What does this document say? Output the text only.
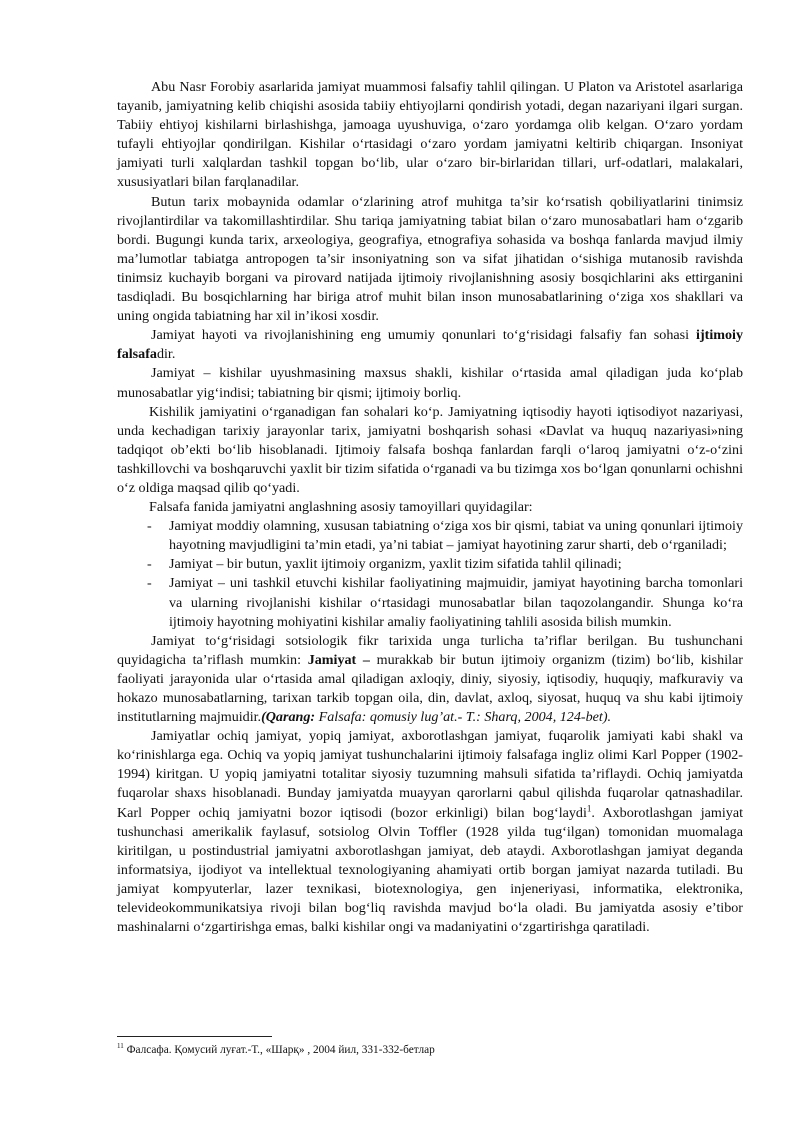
Abu Nasr Forobiy asarlarida jamiyat muammosi falsafiy tahlil qilingan. U Platon va Aristotel asarlariga tayanib, jamiyatning kelib chiqishi asosida tabiiy ehtiyojlarni qondirish yotadi, degan nazariyani ilgari surgan. Tabiiy ehtiyoj kishilarni birlashishga, jamoaga uyushuviga, o‘zaro yordamga olib kelgan. O‘zaro yordam tufayli ehtiyojlar qondirilgan. Kishilar o‘rtasidagi o‘zaro yordam jamiyatni keltirib chiqargan. Insoniyat jamiyati turli xalqlardan tashkil topgan bo‘lib, ular o‘zaro bir-birlaridan tillari, urf-odatlari, malakalari, xususiyatlari bilan farqlanadilar.

Butun tarix mobaynida odamlar o‘zlarining atrof muhitga ta’sir ko‘rsatish qobiliyatlarini tinimsiz rivojlantirdilar va takomillashtirdilar. Shu tariqa jamiyatning tabiat bilan o‘zaro munosabatlari ham o‘zgarib bordi. Bugungi kunda tarix, arxeologiya, geografiya, etnografiya sohasida va boshqa fanlarda mavjud ilmiy ma’lumotlar tabiatga antropogen ta’sir insoniyatning son va sifat jihatidan o‘sishiga mutanosib ravishda tinimsiz kuchayib borgani va pirovard natijada ijtimoiy rivojlanishning asosiy bosqichlarini aks ettirganini tasdiqladi. Bu bosqichlarning har biriga atrof muhit bilan inson munosabatlarining o‘ziga xos shakllari va uning ongida tabiatning har xil in’ikosi xosdir.

Jamiyat hayoti va rivojlanishining eng umumiy qonunlari to‘g‘risidagi falsafiy fan sohasi ijtimoiy falsafadir.

Jamiyat – kishilar uyushmasining maxsus shakli, kishilar o‘rtasida amal qiladigan juda ko‘plab munosabatlar yig‘indisi; tabiatning bir qismi; ijtimoiy borliq.

Kishilik jamiyatini o‘rganadigan fan sohalari ko‘p. Jamiyatning iqtisodiy hayoti iqtisodiyot nazariyasi, unda kechadigan tarixiy jarayonlar tarix, jamiyatni boshqarish sohasi «Davlat va huquq nazariyasi»ning tadqiqot ob’ekti bo‘lib hisoblanadi. Ijtimoiy falsafa boshqa fanlardan farqli o‘laroq jamiyatni o‘z-o‘zini tashkillovchi va boshqaruvchi yaxlit bir tizim sifatida o‘rganadi va bu tizimga xos bo‘lgan qonunlarni ochishni o‘z oldiga maqsad qilib qo‘yadi.

Falsafa fanida jamiyatni anglashning asosiy tamoyillari quyidagilar:

- Jamiyat moddiy olamning, xususan tabiatning o‘ziga xos bir qismi, tabiat va uning qonunlari ijtimoiy hayotning mavjudligini ta’min etadi, ya’ni tabiat – jamiyat hayotining zarur sharti, deb o‘rganiladi;
- Jamiyat – bir butun, yaxlit ijtimoiy organizm, yaxlit tizim sifatida tahlil qilinadi;
- Jamiyat – uni tashkil etuvchi kishilar faoliyatining majmuidir, jamiyat hayotining barcha tomonlari va ularning rivojlanishi kishilar o‘rtasidagi munosabatlar bilan taqozolangandir. Shunga ko‘ra ijtimoiy hayotning mohiyatini kishilar amaliy faoliyatining tahlili asosida bilish mumkin.

Jamiyat to‘g‘risidagi sotsiologik fikr tarixida unga turlicha ta’riflar berilgan. Bu tushunchani quyidagicha ta’riflash mumkin: Jamiyat – murakkab bir butun ijtimoiy organizm (tizim) bo‘lib, kishilar faoliyati jarayonida ular o‘rtasida amal qiladigan axloqiy, diniy, siyosiy, iqtisodiy, huquqiy, mafkuraviy va hokazo munosabatlarning, tarixan tarkib topgan oila, din, davlat, axloq, siyosat, huquq va shu kabi ijtimoiy institutlarning majmuidir.(Qarang: Falsafa: qomusiy lug’at.- T.: Sharq, 2004, 124-bet).

Jamiyatlar ochiq jamiyat, yopiq jamiyat, axborotlashgan jamiyat, fuqarolik jamiyati kabi shakl va ko‘rinishlarga ega. Ochiq va yopiq jamiyat tushunchalarini ijtimoiy falsafaga ingliz olimi Karl Popper (1902-1994) kiritgan. U yopiq jamiyatni totalitar siyosiy tuzumning mahsuli sifatida ta’riflaydi. Ochiq jamiyatda fuqarolar shaxs hisoblanadi. Bunday jamiyatda muayyan qarorlarni qabul qilishda fuqarolar qatnashadilar. Karl Popper ochiq jamiyatni bozor iqtisodi (bozor erkinligi) bilan bog‘laydi$^1$. Axborotlashgan jamiyat tushunchasi amerikalik faylasuf, sotsiolog Olvin Toffler (1928 yilda tug‘ilgan) tomonidan muomalaga kiritilgan, u postindustrial jamiyatni axborotlashgan jamiyat, deb ataydi. Axborotlashgan jamiyat deganda informatsiya, ijodiyot va intellektual texnologiyaning ahamiyati ortib borgan jamiyat nazarda tutiladi. Bu jamiyat kompyuterlar, lazer texnikasi, biotexnologiya, gen injeneriyasi, informatika, elektronika, televideokommunikatsiya rivoji bilan bog‘liq ravishda mavjud bo‘la oladi. Bu jamiyatda asosiy e’tibor mashinalarni o‘zgartirishga emas, balki kishilar ongi va madaniyatini o‘zgartirishga qaratiladi.

$^{11}$ Фалсафа. Қомусий луғат.-Т., «Шарқ» , 2004 йил, 331-332-бетлар
